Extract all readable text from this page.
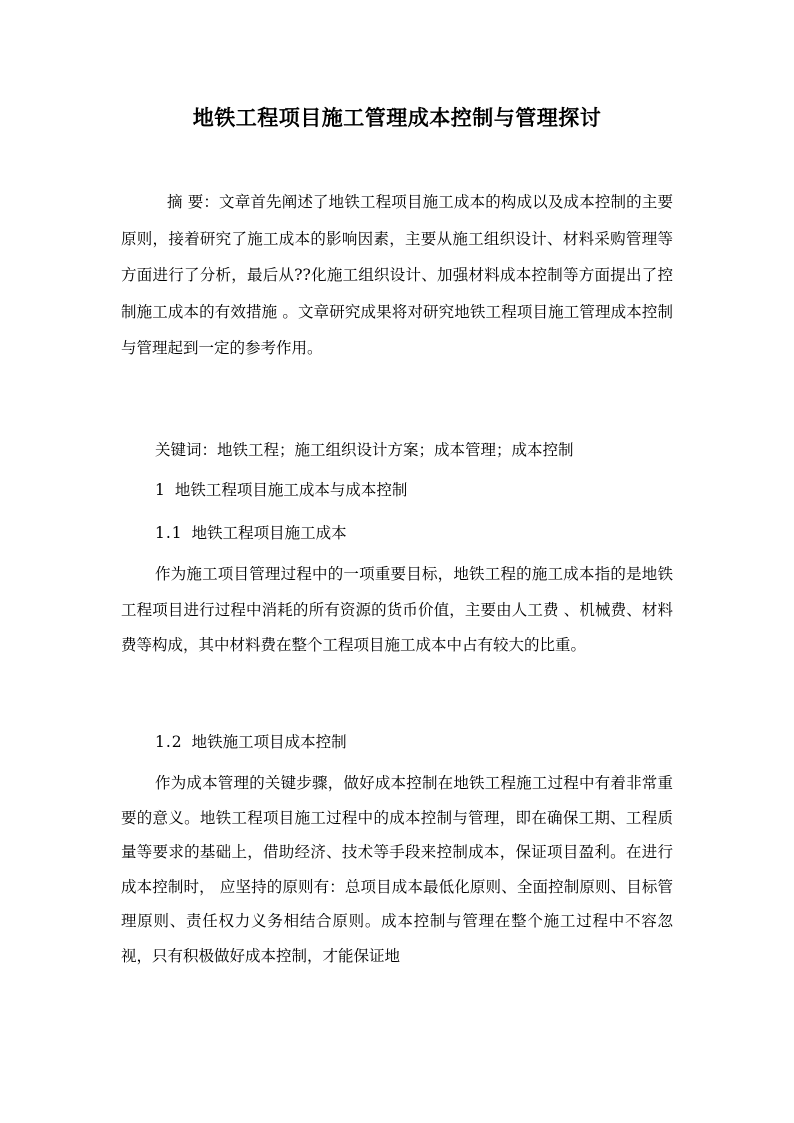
地铁工程项目施工管理成本控制与管理探讨
摘 要：文章首先阐述了地铁工程项目施工成本的构成以及成本控制的主要原则，接着研究了施工成本的影响因素，主要从施工组织设计、材料采购管理等方面进行了分析，最后从??化施工组织设计、加强材料成本控制等方面提出了控制施工成本的有效措施 。文章研究成果将对研究地铁工程项目施工管理成本控制与管理起到一定的参考作用。
关键词：地铁工程；施工组织设计方案；成本管理；成本控制
1 地铁工程项目施工成本与成本控制
1.1 地铁工程项目施工成本
作为施工项目管理过程中的一项重要目标，地铁工程的施工成本指的是地铁工程项目进行过程中消耗的所有资源的货币价值，主要由人工费 、机械费、材料费等构成，其中材料费在整个工程项目施工成本中占有较大的比重。
1.2 地铁施工项目成本控制
作为成本管理的关键步骤，做好成本控制在地铁工程施工过程中有着非常重要的意义。地铁工程项目施工过程中的成本控制与管理，即在确保工期、工程质量等要求的基础上，借助经济、技术等手段来控制成本，保证项目盈利。在进行成本控制时， 应坚持的原则有：总项目成本最低化原则、全面控制原则、目标管理原则、责任权力义务相结合原则。成本控制与管理在整个施工过程中不容忽视，只有积极做好成本控制，才能保证地
